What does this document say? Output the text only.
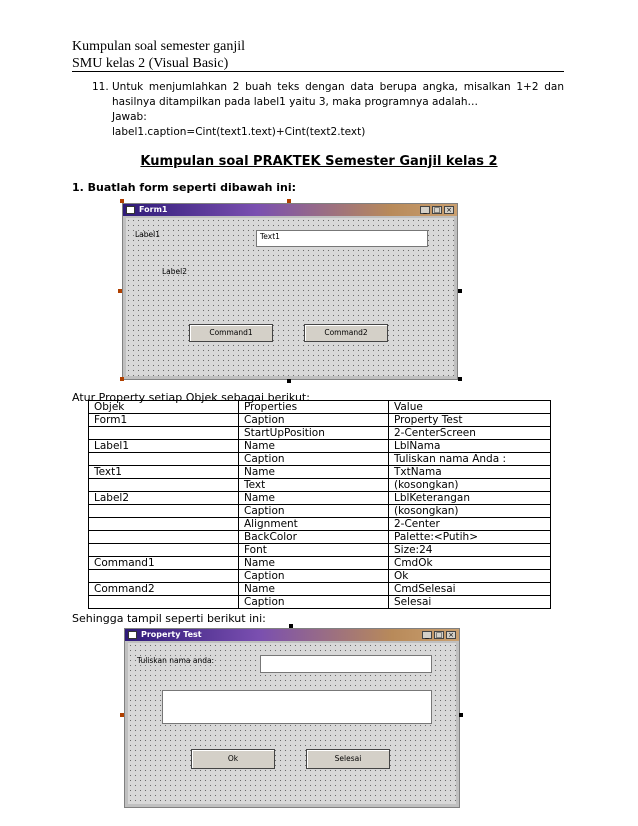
Kumpulan soal semester ganjil
SMU kelas 2 (Visual Basic)
11. Untuk menjumlahkan 2 buah teks dengan data berupa angka, misalkan 1+2 dan hasilnya ditampilkan pada label1 yaitu 3, maka programnya adalah…
Jawab:
label1.caption=Cint(text1.text)+Cint(text2.text)
Kumpulan soal PRAKTEK Semester Ganjil kelas 2
1. Buatlah form seperti dibawah ini:
Form1	_ □ ×
Label1	Text1
Label2
Command1	Command2
Atur Property setiap Objek sebagai berikut:
Objek	Properties	Value
Form1	Caption	Property Test
	StartUpPosition	2-CenterScreen
Label1	Name	LblNama
	Caption	Tuliskan nama Anda :
Text1	Name	TxtNama
	Text	(kosongkan)
Label2	Name	LblKeterangan
	Caption	(kosongkan)
	Alignment	2-Center
	BackColor	Palette:<Putih>
	Font	Size:24
Command1	Name	CmdOk
	Caption	Ok
Command2	Name	CmdSelesai
	Caption	Selesai
Sehingga tampil seperti berikut ini:
Property Test	_ □ ×
Tuliskan nama anda:
Ok	Selesai
